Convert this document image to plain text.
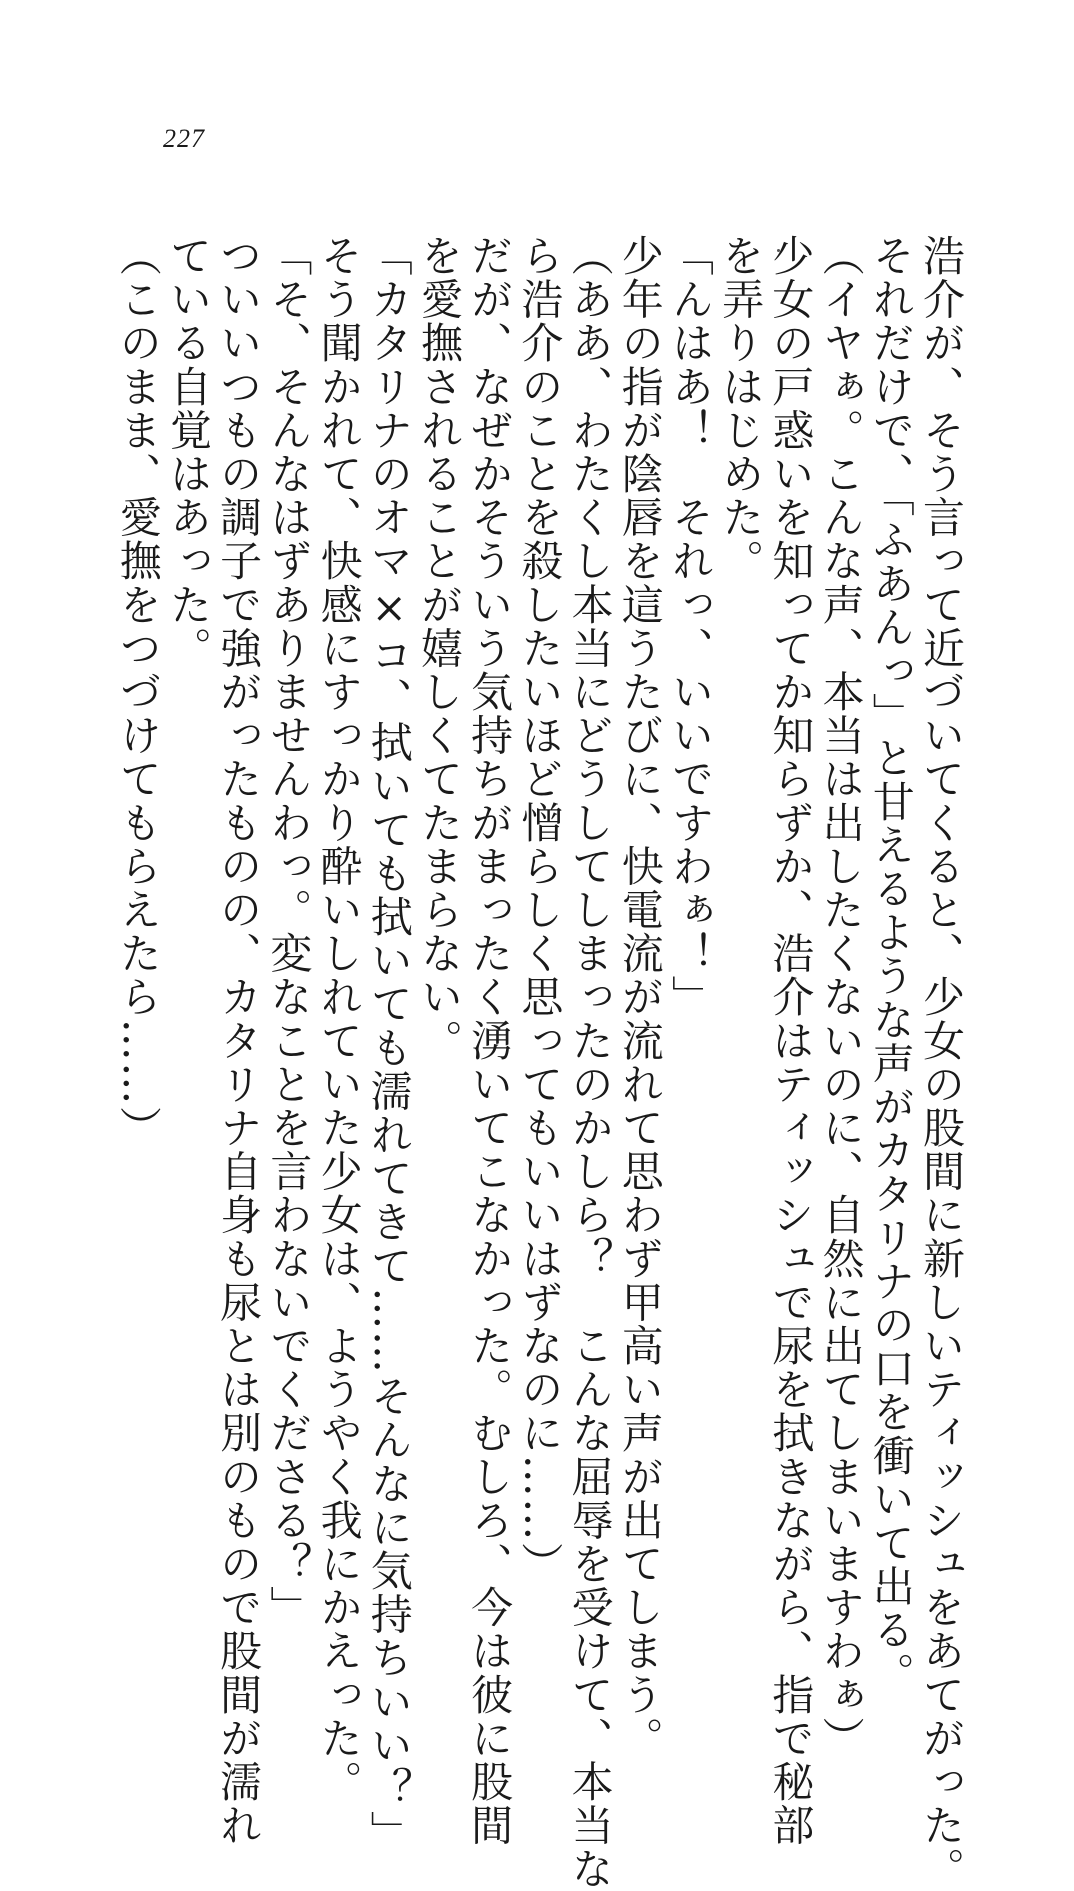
227

浩介が、そう言って近づいてくると、少女の股間に新しいティッシュをあてがった。

それだけで、「ふあんっ」と甘えるような声がカタリナの口を衝いて出る。

（イヤぁ。こんな声、本当は出したくないのに、自然に出てしまいますわぁ）

少女の戸惑いを知ってか知らずか、浩介はティッシュで尿を拭きながら、指で秘部

を弄りはじめた。

「んはあ！　それっ、いいですわぁ！」

少年の指が陰唇を這うたびに、快電流が流れて思わず甲高い声が出てしまう。

（ああ、わたくし本当にどうしてしまったのかしら？　こんな屈辱を受けて、本当な

ら浩介のことを殺したいほど憎らしく思ってもいいはずなのに……）

だが、なぜかそういう気持ちがまったく湧いてこなかった。むしろ、今は彼に股間

を愛撫されることが嬉しくてたまらない。

「カタリナのオマ×コ、拭いても拭いても濡れてきて……そんなに気持ちいい？」

そう聞かれて、快感にすっかり酔いしれていた少女は、ようやく我にかえった。

「そ、そんなはずありませんわっ。変なことを言わないでくださる？」

ついいつもの調子で強がったものの、カタリナ自身も尿とは別のもので股間が濡れ

ている自覚はあった。

（このまま、愛撫をつづけてもらえたら……）
